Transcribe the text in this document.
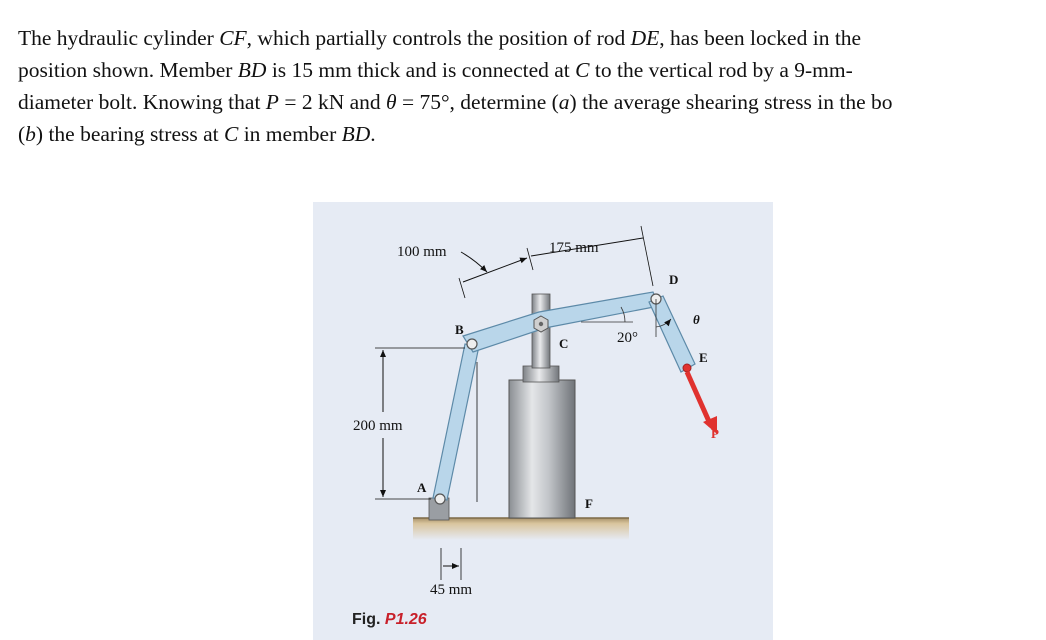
The hydraulic cylinder CF, which partially controls the position of rod DE, has been locked in the
position shown. Member BD is 15 mm thick and is connected at C to the vertical rod by a 9-mm-
diameter bolt. Knowing that P = 2 kN and θ = 75°, determine (a) the average shearing stress in the bo
(b) the bearing stress at C in member BD.
100 mm	175 mm
200 mm
45 mm
20°
A
B
C
D
E
F
P
θ
Fig. P1.26
